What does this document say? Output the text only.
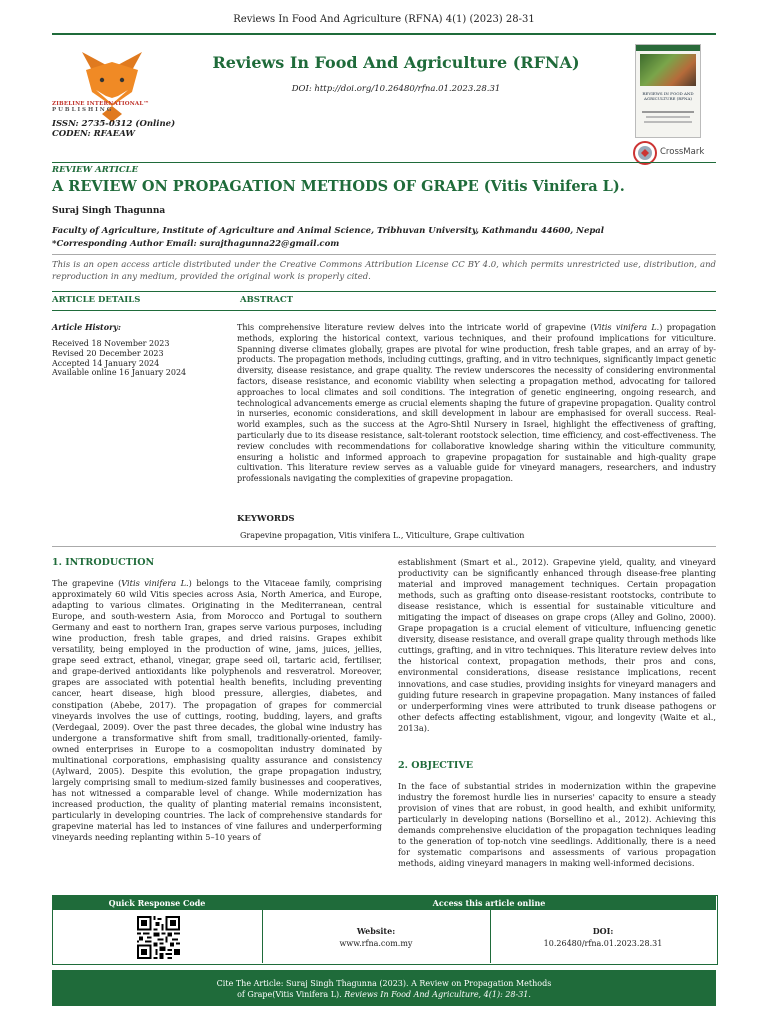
Reviews In Food And Agriculture (RFNA) 4(1) (2023) 28-31
ZIBELINE INTERNATIONAL™
PUBLISHING
ISSN: 2735-0312 (Online)
CODEN: RFAEAW
Reviews In Food And Agriculture (RFNA)
DOI: http://doi.org/10.26480/rfna.01.2023.28.31	REVIEWS IN FOOD AND AGRICULTURE (RFNA)
CrossMark
REVIEW ARTICLE
A REVIEW ON PROPAGATION METHODS OF GRAPE (Vitis Vinifera L).
Suraj Singh Thagunna
Faculty of Agriculture, Institute of Agriculture and Animal Science, Tribhuvan University, Kathmandu 44600, Nepal
*Corresponding Author Email: surajthagunna22@gmail.com
This is an open access article distributed under the Creative Commons Attribution License CC BY 4.0, which permits unrestricted use, distribution, and reproduction in any medium, provided the original work is properly cited.
ARTICLE DETAILS	ABSTRACT
Article History:
Received 18 November 2023
Revised 20 December 2023
Accepted 14 January 2024
Available online 16 January 2024
This comprehensive literature review delves into the intricate world of grapevine (Vitis vinifera L.) propagation methods, exploring the historical context, various techniques, and their profound implications for viticulture. Spanning diverse climates globally, grapes are pivotal for wine production, fresh table grapes, and an array of by-products. The propagation methods, including cuttings, grafting, and in vitro techniques, significantly impact genetic diversity, disease resistance, and grape quality. The review underscores the necessity of considering environmental factors, disease resistance, and economic viability when selecting a propagation method, advocating for tailored approaches to local climates and soil conditions. The integration of genetic engineering, ongoing research, and technological advancements emerge as crucial elements shaping the future of grapevine propagation. Quality control in nurseries, economic considerations, and skill development in labour are emphasised for overall success. Real-world examples, such as the success at the Agro-Shtil Nursery in Israel, highlight the effectiveness of grafting, particularly due to its disease resistance, salt-tolerant rootstock selection, time efficiency, and cost-effectiveness. The review concludes with recommendations for collaborative knowledge sharing within the viticulture community, ensuring a holistic and informed approach to grapevine propagation for sustainable and high-quality grape cultivation. This literature review serves as a valuable guide for vineyard managers, researchers, and industry professionals navigating the complexities of grapevine propagation.
KEYWORDS
Grapevine propagation, Vitis vinifera L., Viticulture, Grape cultivation
1. INTRODUCTION
The grapevine (Vitis vinifera L.) belongs to the Vitaceae family, comprising approximately 60 wild Vitis species across Asia, North America, and Europe, adapting to various climates. Originating in the Mediterranean, central Europe, and south-western Asia, from Morocco and Portugal to southern Germany and east to northern Iran, grapes serve various purposes, including wine production, fresh table grapes, and dried raisins. Grapes exhibit versatility, being employed in the production of wine, jams, juices, jellies, grape seed extract, ethanol, vinegar, grape seed oil, tartaric acid, fertiliser, and grape-derived antioxidants like polyphenols and resveratrol. Moreover, grapes are associated with potential health benefits, including preventing cancer, heart disease, high blood pressure, allergies, diabetes, and constipation (Abebe, 2017). The propagation of grapes for commercial vineyards involves the use of cuttings, rooting, budding, layers, and grafts (Verdegaal, 2009). Over the past three decades, the global wine industry has undergone a transformative shift from small, traditionally-oriented, family-owned enterprises in Europe to a cosmopolitan industry dominated by multinational corporations, emphasising quality assurance and consistency (Aylward, 2005). Despite this evolution, the grape propagation industry, largely comprising small to medium-sized family businesses and cooperatives, has not witnessed a comparable level of change. While modernization has increased production, the quality of planting material remains inconsistent, particularly in developing countries. The lack of comprehensive standards for grapevine material has led to instances of vine failures and underperforming vineyards needing replanting within 5–10 years of
establishment (Smart et al., 2012). Grapevine yield, quality, and vineyard productivity can be significantly enhanced through disease-free planting material and improved management techniques. Certain propagation methods, such as grafting onto disease-resistant rootstocks, contribute to disease resistance, which is essential for sustainable viticulture and mitigating the impact of diseases on grape crops (Alley and Golino, 2000). Grape propagation is a crucial element of viticulture, influencing genetic diversity, disease resistance, and overall grape quality through methods like cuttings, grafting, and in vitro techniques. This literature review delves into the historical context, propagation methods, their pros and cons, environmental considerations, disease resistance implications, recent innovations, and case studies, providing insights for vineyard managers and guiding future research in grapevine propagation. Many instances of failed or underperforming vines were attributed to trunk disease pathogens or other defects affecting establishment, vigour, and longevity (Waite et al., 2013a).
2. OBJECTIVE
In the face of substantial strides in modernization within the grapevine industry the foremost hurdle lies in nurseries' capacity to ensure a steady provision of vines that are robust, in good health, and exhibit uniformity, particularly in developing nations (Borsellino et al., 2012). Achieving this demands comprehensive elucidation of the propagation techniques leading to the generation of top-notch vine seedlings. Additionally, there is a need for systematic comparisons and assessments of various propagation methods, aiding vineyard managers in making well-informed decisions.
Quick Response Code	Access this article online
Website:
www.rfna.com.my
DOI:
10.26480/rfna.01.2023.28.31
Cite The Article: Suraj Singh Thagunna (2023). A Review on Propagation Methods
of Grape(Vitis Vinifera L). Reviews In Food And Agriculture, 4(1): 28-31.
